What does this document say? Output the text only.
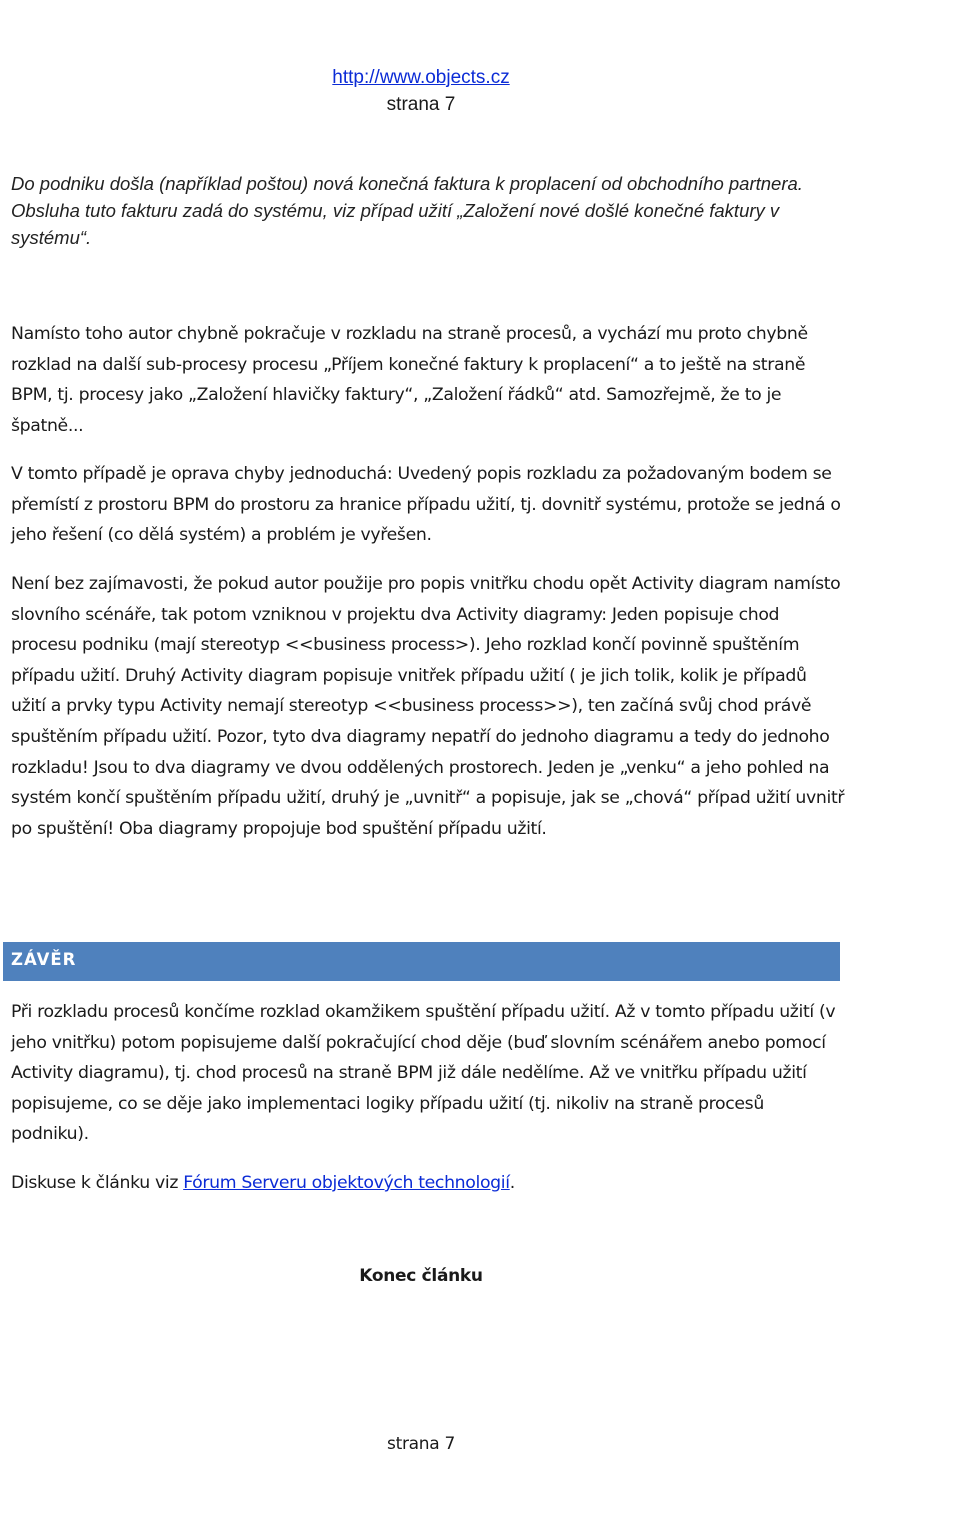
http://www.objects.cz
strana 7

Do podniku došla (například poštou) nová konečná faktura k proplacení od obchodního partnera.

Obsluha tuto fakturu zadá do systému, viz případ užití „Založení nové došlé konečné faktury v systému“.

Namísto toho autor chybně pokračuje v rozkladu na straně procesů, a vychází mu proto chybně rozklad na další sub-procesy procesu „Příjem konečné faktury k proplacení“ a to ještě na straně BPM, tj. procesy jako „Založení hlavičky faktury“, „Založení řádků“ atd. Samozřejmě, že to je špatně...

V tomto případě je oprava chyby jednoduchá: Uvedený popis rozkladu za požadovaným bodem se přemístí z prostoru BPM do prostoru za hranice případu užití, tj. dovnitř systému, protože se jedná o jeho řešení (co dělá systém) a problém je vyřešen.

Není bez zajímavosti, že pokud autor použije pro popis vnitřku chodu opět Activity diagram namísto slovního scénáře, tak potom vzniknou v projektu dva Activity diagramy: Jeden popisuje chod procesu podniku (mají stereotyp <<business process>). Jeho rozklad končí povinně spuštěním případu užití. Druhý Activity diagram popisuje vnitřek případu užití ( je jich tolik, kolik je případů užití a prvky typu Activity nemají stereotyp <<business process>>), ten začíná svůj chod právě spuštěním případu užití. Pozor, tyto dva diagramy nepatří do jednoho diagramu a tedy do jednoho rozkladu! Jsou to dva diagramy ve dvou oddělených prostorech. Jeden je „venku“ a jeho pohled na systém končí spuštěním případu užití, druhý je „uvnitř“ a popisuje, jak se „chová“ případ užití uvnitř po spuštění! Oba diagramy propojuje bod spuštění případu užití.

ZÁVĚR

Při rozkladu procesů končíme rozklad okamžikem spuštění případu užití. Až v tomto případu užití (v jeho vnitřku) potom popisujeme další pokračující chod děje (buď slovním scénářem anebo pomocí Activity diagramu), tj. chod procesů na straně BPM již dále nedělíme. Až ve vnitřku případu užití popisujeme, co se děje jako implementaci logiky případu užití (tj. nikoliv na straně procesů podniku).

Diskuse k článku viz Fórum Serveru objektových technologií.

Konec článku
strana 7
